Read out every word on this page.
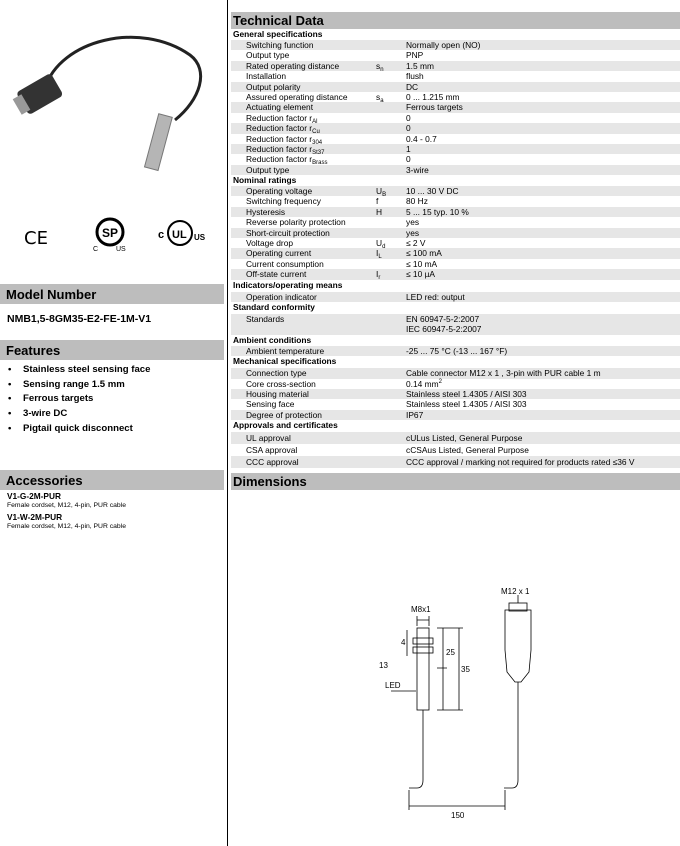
CE	SP
C	US
c UL US
Model Number
NMB1,5-8GM35-E2-FE-1M-V1
Features
• Stainless steel sensing face
• Sensing range 1.5 mm
• Ferrous targets
• 3-wire DC
• Pigtail quick disconnect
Accessories
V1-G-2M-PUR
Female cordset, M12, 4-pin, PUR cable
V1-W-2M-PUR
Female cordset, M12, 4-pin, PUR cable
Technical Data
General specifications
Switching function	Normally open (NO)
Output type	PNP
Rated operating distance	$s_n$	1.5 mm
Installation	flush
Output polarity	DC
Assured operating distance	$s_a$	0 ... 1.215 mm
Actuating element	Ferrous targets
Reduction factor $r_{Al}$	0
Reduction factor $r_{Cu}$	0
Reduction factor $r_{304}$	0.4 - 0.7
Reduction factor $r_{St37}$	1
Reduction factor $r_{Brass}$	0
Output type	3-wire
Nominal ratings
Operating voltage	$U_B$	10 ... 30 V DC
Switching frequency	f	80 Hz
Hysteresis	H	5 ... 15 typ. 10 %
Reverse polarity protection	yes
Short-circuit protection	yes
Voltage drop	$U_d$	≤ 2 V
Operating current	$I_L$	≤ 100 mA
Current consumption	≤ 10 mA
Off-state current	$I_r$	≤ 10 µA
Indicators/operating means
Operation indicator	LED red: output
Standard conformity
Standards	EN 60947-5-2:2007
IEC 60947-5-2:2007
Ambient conditions
Ambient temperature	-25 ... 75 °C (-13 ... 167 °F)
Mechanical specifications
Connection type	Cable connector M12 x 1 , 3-pin with PUR cable 1 m
Core cross-section	0.14 $mm^2$
Housing material	Stainless steel 1.4305 / AISI 303
Sensing face	Stainless steel 1.4305 / AISI 303
Degree of protection	IP67
Approvals and certificates
UL approval	cULus Listed, General Purpose
CSA approval	cCSAus Listed, General Purpose
CCC approval	CCC approval / marking not required for products rated ≤36 V
Dimensions
M8x1
M12 x 1
4
25
35
13
LED
150
